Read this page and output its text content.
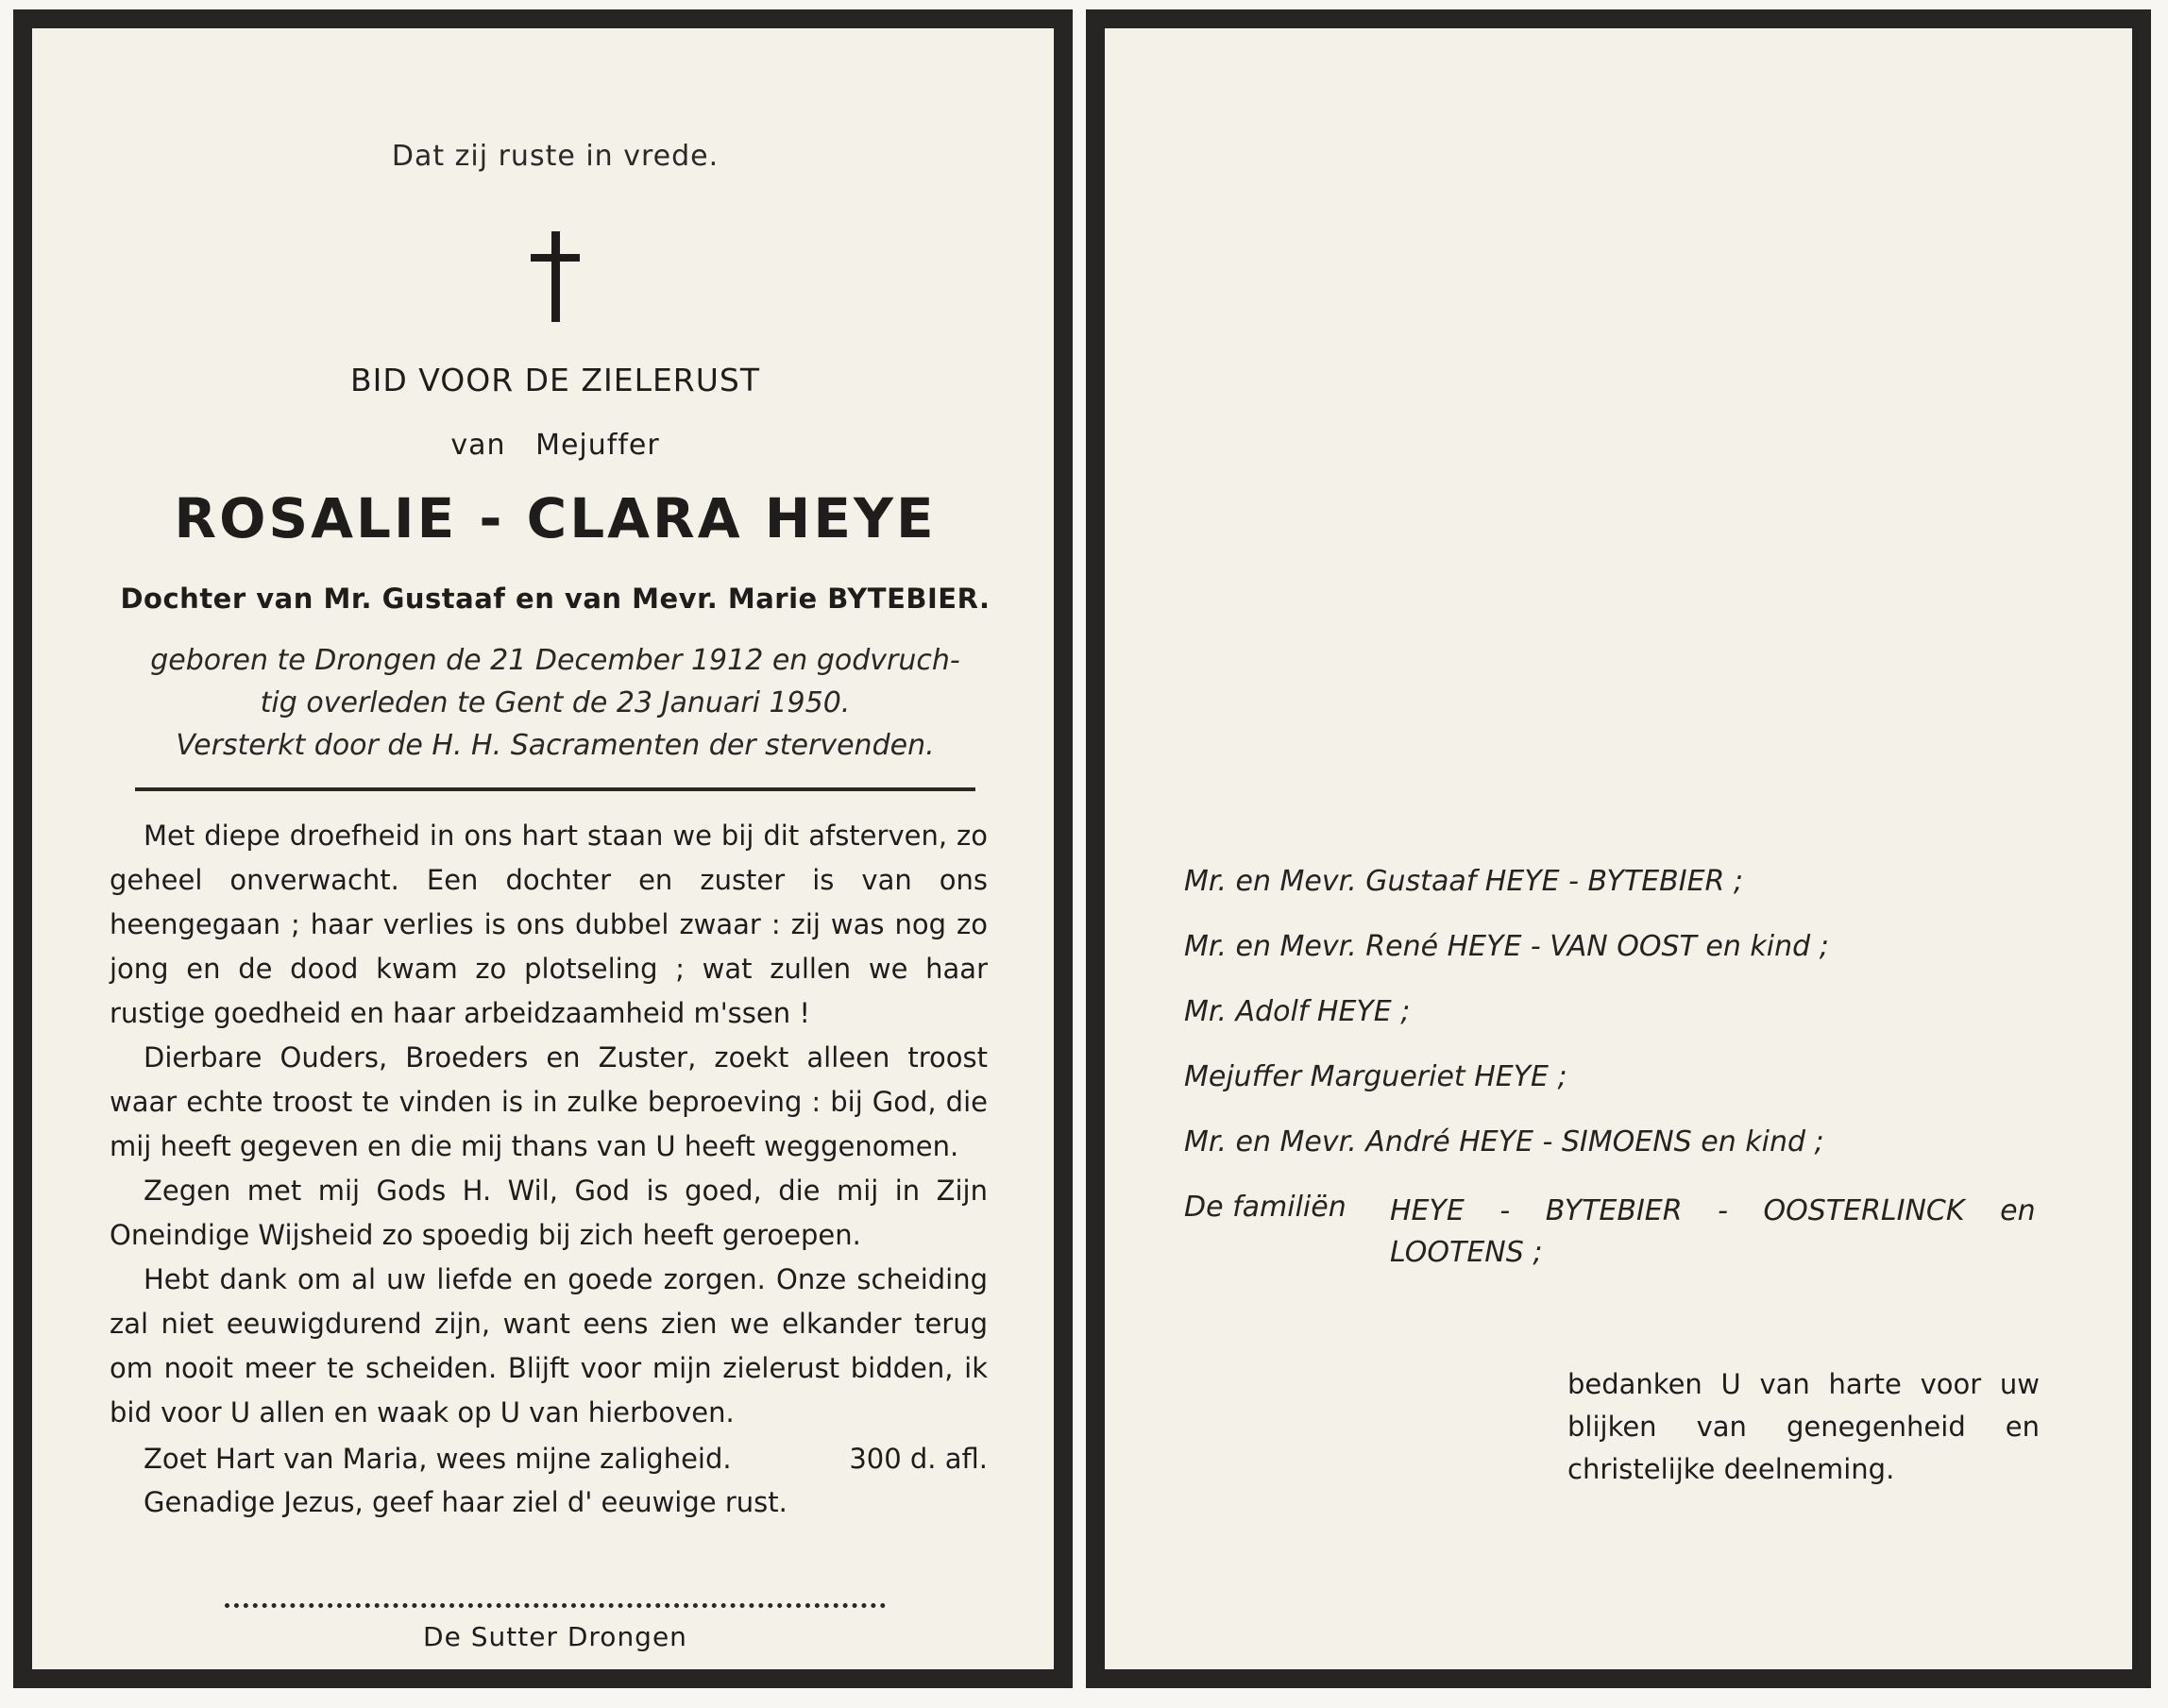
Dat zij ruste in vrede.

BID VOOR DE ZIELERUST

van   Mejuffer

ROSALIE - CLARA HEYE

Dochter van Mr. Gustaaf en van Mevr. Marie BYTEBIER.

geboren te Drongen de 21 December 1912 en godvruch-
tig overleden te Gent de 23 Januari 1950.
Versterkt door de H. H. Sacramenten der stervenden.

Met diepe droefheid in ons hart staan we bij dit afsterven, zo geheel onverwacht. Een dochter en zuster is van ons heengegaan ; haar verlies is ons dubbel zwaar : zij was nog zo jong en de dood kwam zo plotseling ; wat zullen we haar rustige goedheid en haar arbeidzaamheid m'ssen !

Dierbare Ouders, Broeders en Zuster, zoekt alleen troost waar echte troost te vinden is in zulke beproeving : bij God, die mij heeft gegeven en die mij thans van U heeft weggenomen.

Zegen met mij Gods H. Wil, God is goed, die mij in Zijn Oneindige Wijsheid zo spoedig bij zich heeft geroepen.

Hebt dank om al uw liefde en goede zorgen. Onze scheiding zal niet eeuwigdurend zijn, want eens zien we elkander terug om nooit meer te scheiden. Blijft voor mijn zielerust bidden, ik bid voor U allen en waak op U van hierboven.

Zoet Hart van Maria, wees mijne zaligheid.	300 d. afl.

Genadige Jezus, geef haar ziel d' eeuwige rust.

De Sutter Drongen

Mr. en Mevr. Gustaaf HEYE - BYTEBIER ;
Mr. en Mevr. René HEYE - VAN OOST en kind ;
Mr. Adolf HEYE ;
Mejuffer Margueriet HEYE ;
Mr. en Mevr. André HEYE - SIMOENS en kind ;
De familiën	HEYE - BYTEBIER - OOSTERLINCK en
LOOTENS ;
bedanken U van harte voor uw blijken van genegenheid en christelijke deelneming.
